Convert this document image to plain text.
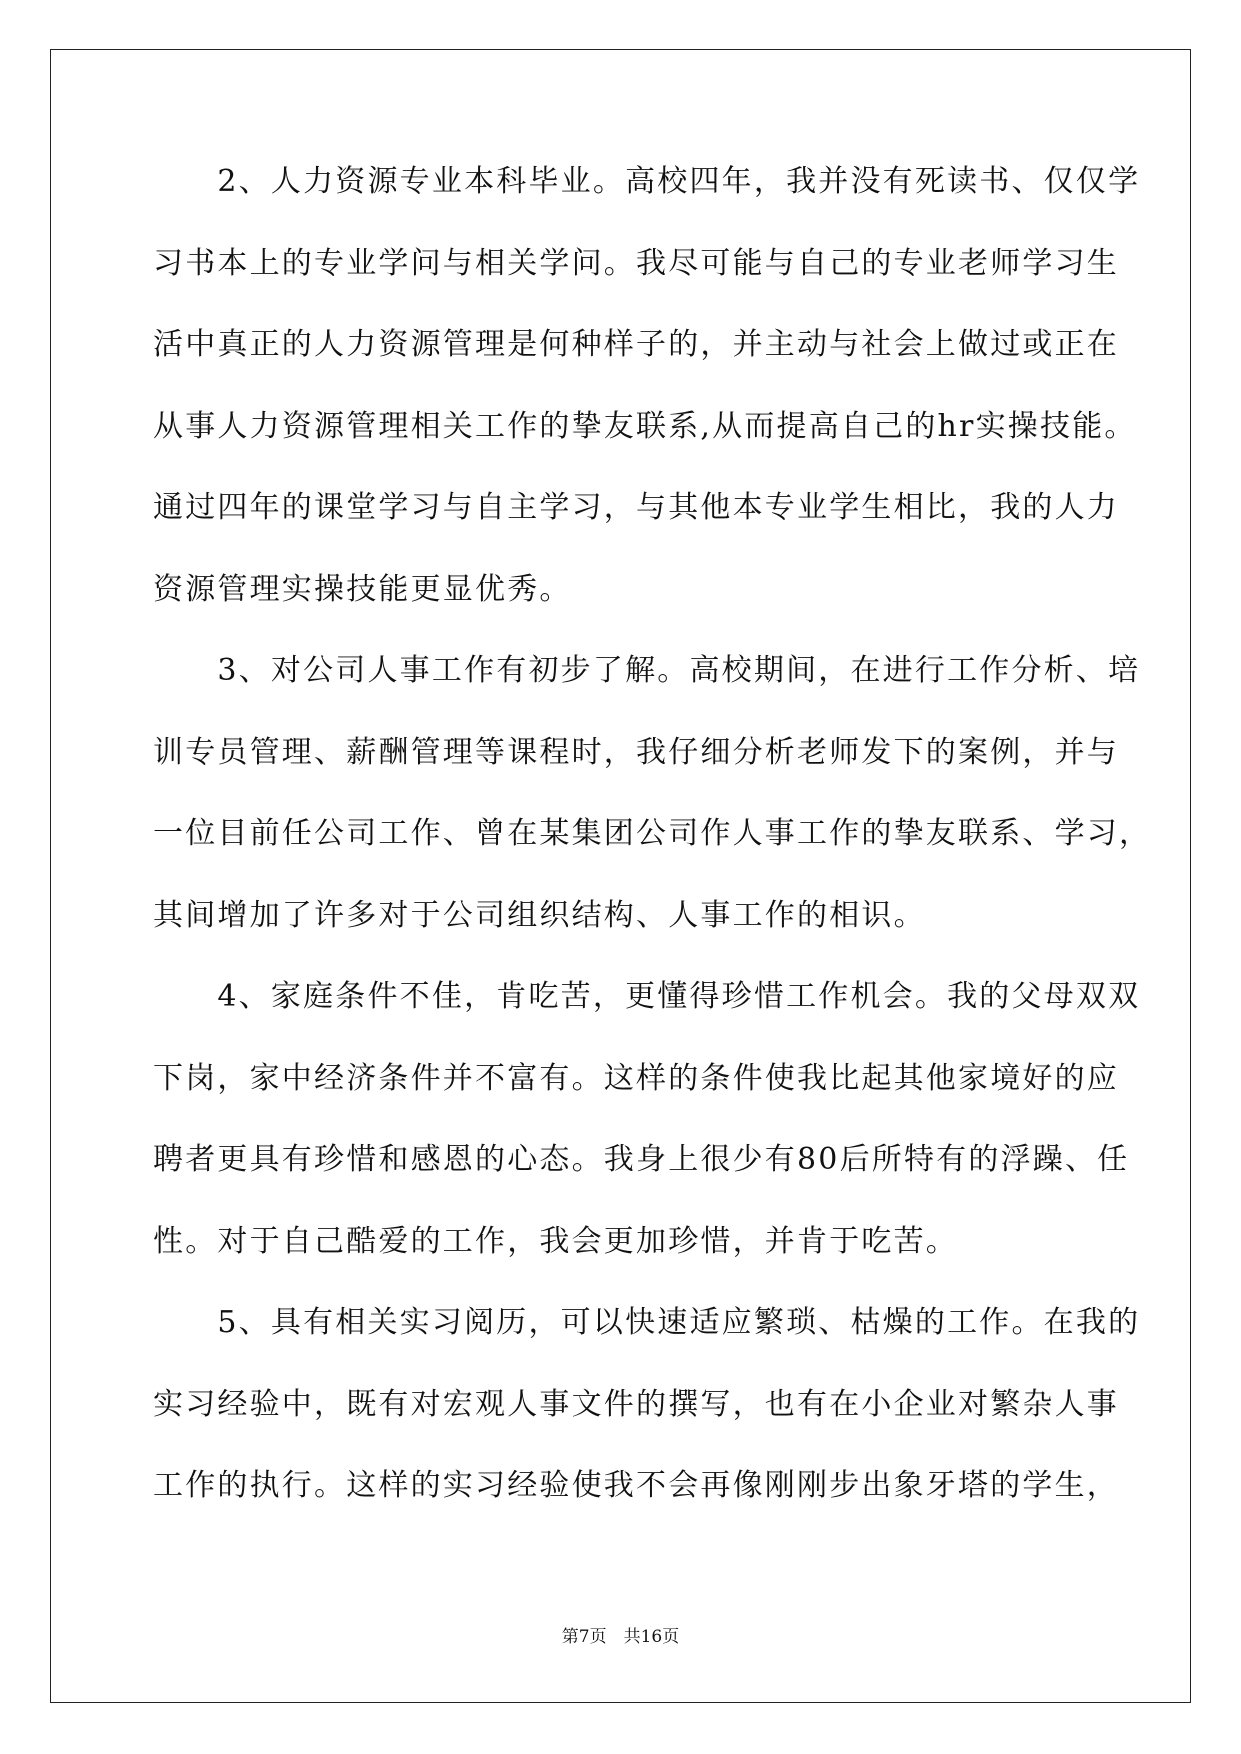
　　2、人力资源专业本科毕业。高校四年，我并没有死读书、仅仅学
习书本上的专业学问与相关学问。我尽可能与自己的专业老师学习生
活中真正的人力资源管理是何种样子的，并主动与社会上做过或正在
从事人力资源管理相关工作的挚友联系,从而提高自己的hr实操技能。
通过四年的课堂学习与自主学习，与其他本专业学生相比，我的人力
资源管理实操技能更显优秀。
　　3、对公司人事工作有初步了解。高校期间，在进行工作分析、培
训专员管理、薪酬管理等课程时，我仔细分析老师发下的案例，并与
一位目前任公司工作、曾在某集团公司作人事工作的挚友联系、学习，
其间增加了许多对于公司组织结构、人事工作的相识。
　　4、家庭条件不佳，肯吃苦，更懂得珍惜工作机会。我的父母双双
下岗，家中经济条件并不富有。这样的条件使我比起其他家境好的应
聘者更具有珍惜和感恩的心态。我身上很少有80后所特有的浮躁、任
性。对于自己酷爱的工作，我会更加珍惜，并肯于吃苦。
　　5、具有相关实习阅历，可以快速适应繁琐、枯燥的工作。在我的
实习经验中，既有对宏观人事文件的撰写，也有在小企业对繁杂人事
工作的执行。这样的实习经验使我不会再像刚刚步出象牙塔的学生，
第7页　共16页
